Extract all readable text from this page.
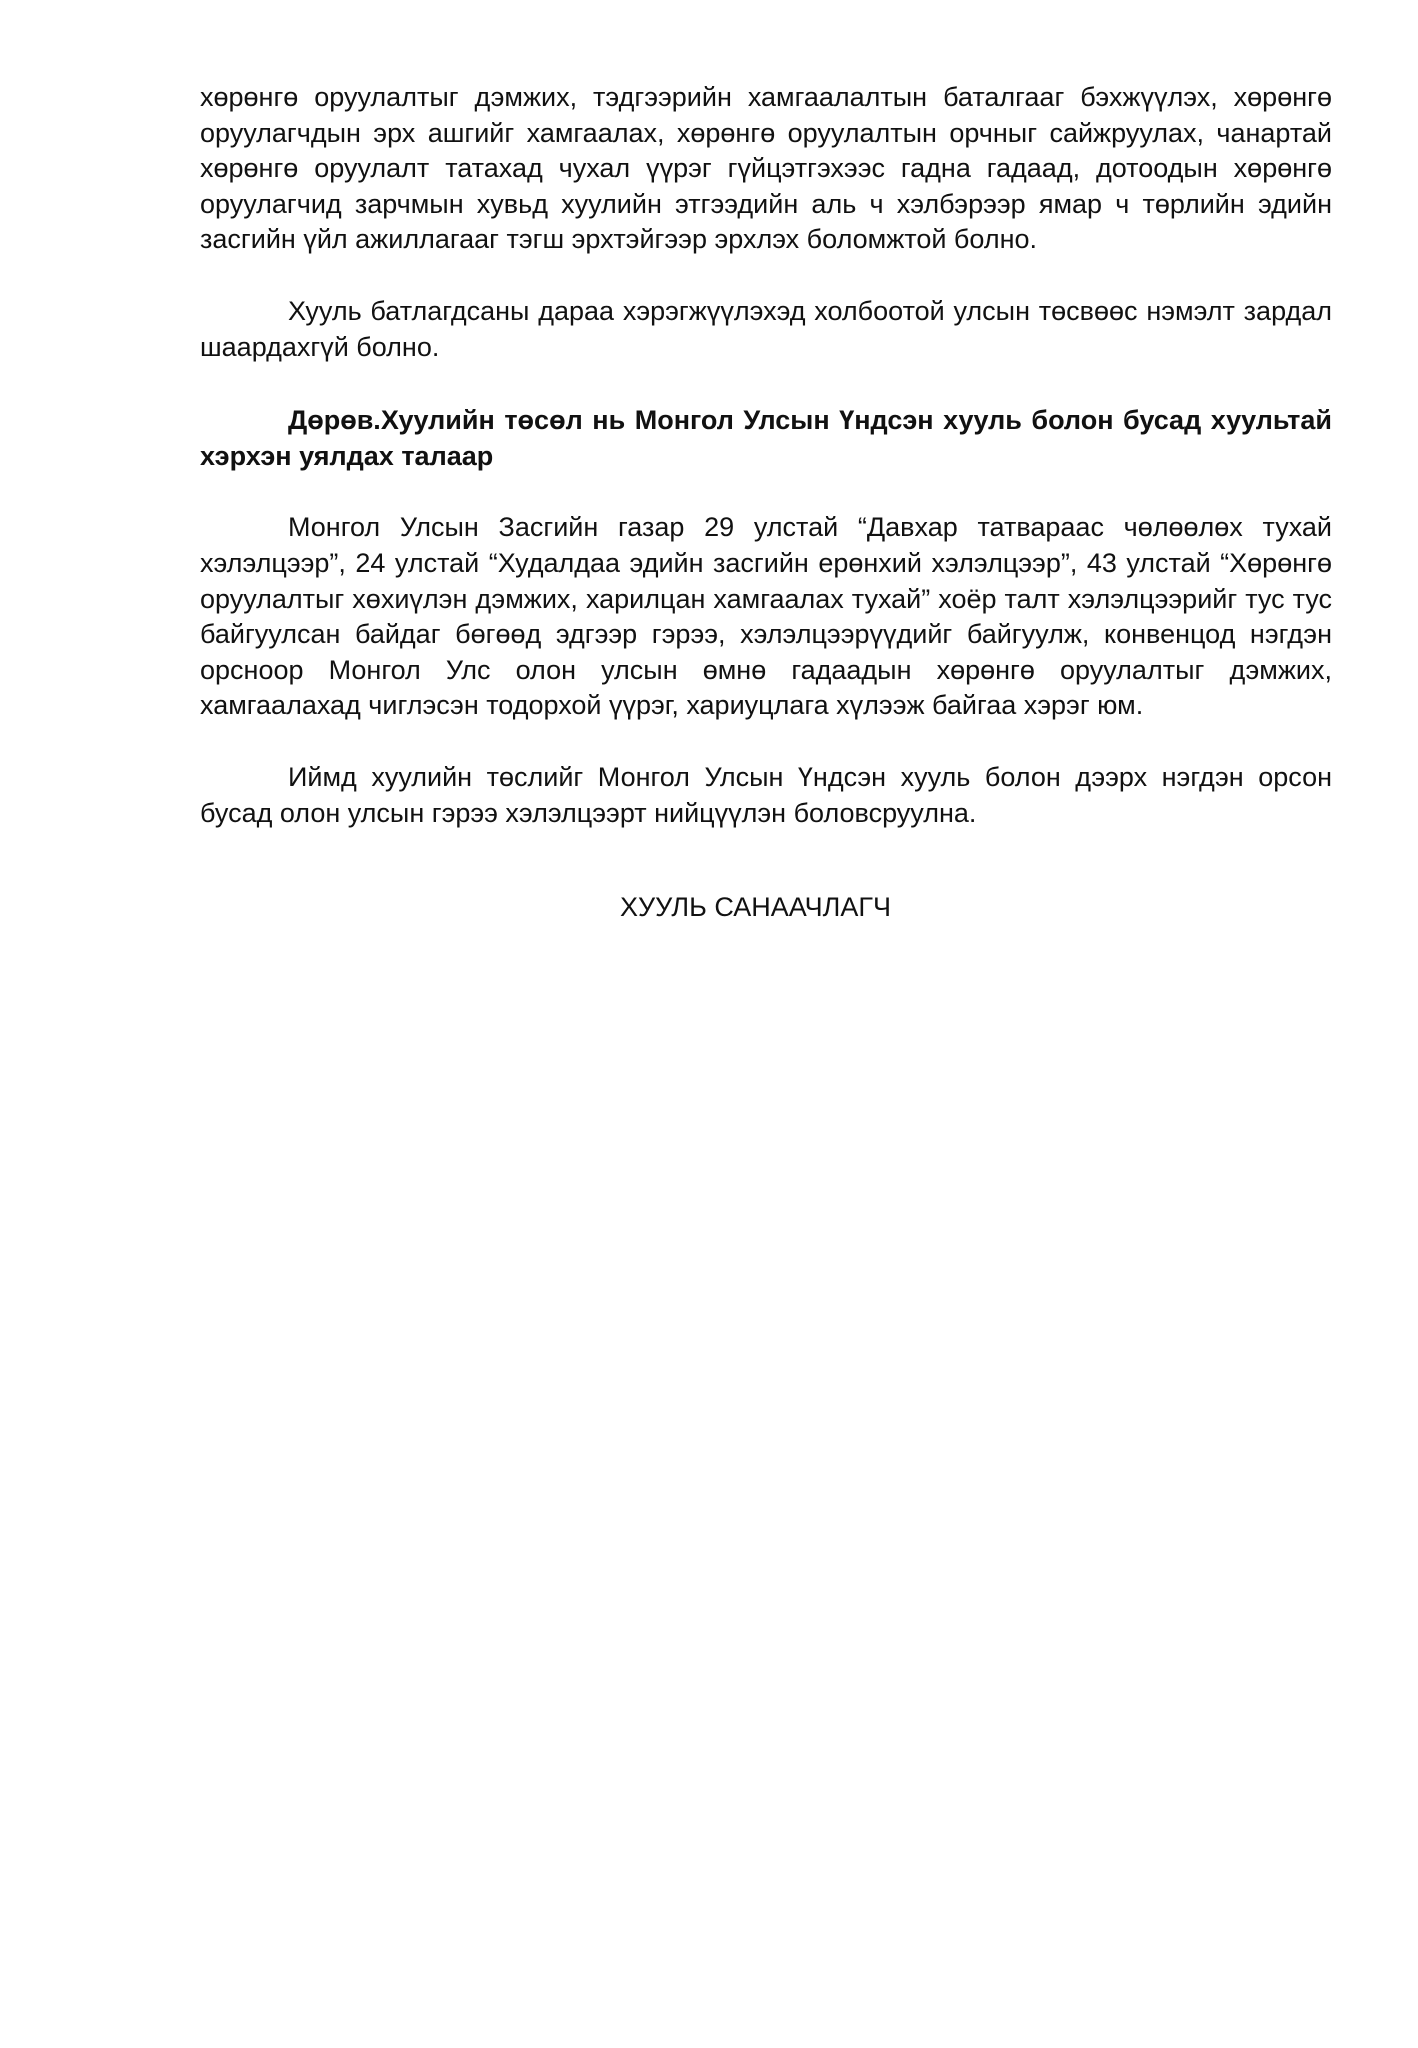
хөрөнгө оруулалтыг дэмжих, тэдгээрийн хамгаалалтын баталгааг бэхжүүлэх, хөрөнгө оруулагчдын эрх ашгийг хамгаалах, хөрөнгө оруулалтын орчныг сайжруулах, чанартай хөрөнгө оруулалт татахад чухал үүрэг гүйцэтгэхээс гадна гадаад, дотоодын хөрөнгө оруулагчид зарчмын хувьд хуулийн этгээдийн аль ч хэлбэрээр ямар ч төрлийн эдийн засгийн үйл ажиллагааг тэгш эрхтэйгээр эрхлэх боломжтой болно.

Хууль батлагдсаны дараа хэрэгжүүлэхэд холбоотой улсын төсвөөс нэмэлт зардал шаардахгүй болно.

Дөрөв.Хуулийн төсөл нь Монгол Улсын Үндсэн хууль болон бусад хуультай хэрхэн уялдах талаар

Монгол Улсын Засгийн газар 29 улстай “Давхар татвараас чөлөөлөх тухай хэлэлцээр”, 24 улстай “Худалдаа эдийн засгийн ерөнхий хэлэлцээр”, 43 улстай “Хөрөнгө оруулалтыг хөхиүлэн дэмжих, харилцан хамгаалах тухай” хоёр талт хэлэлцээрийг тус тус байгуулсан байдаг бөгөөд эдгээр гэрээ, хэлэлцээрүүдийг байгуулж, конвенцод нэгдэн орсноор Монгол Улс олон улсын өмнө гадаадын хөрөнгө оруулалтыг дэмжих, хамгаалахад чиглэсэн тодорхой үүрэг, хариуцлага хүлээж байгаа хэрэг юм.

Иймд хуулийн төслийг Монгол Улсын Үндсэн хууль болон дээрх нэгдэн орсон бусад олон улсын гэрээ хэлэлцээрт нийцүүлэн боловсруулна.

ХУУЛЬ САНААЧЛАГЧ
